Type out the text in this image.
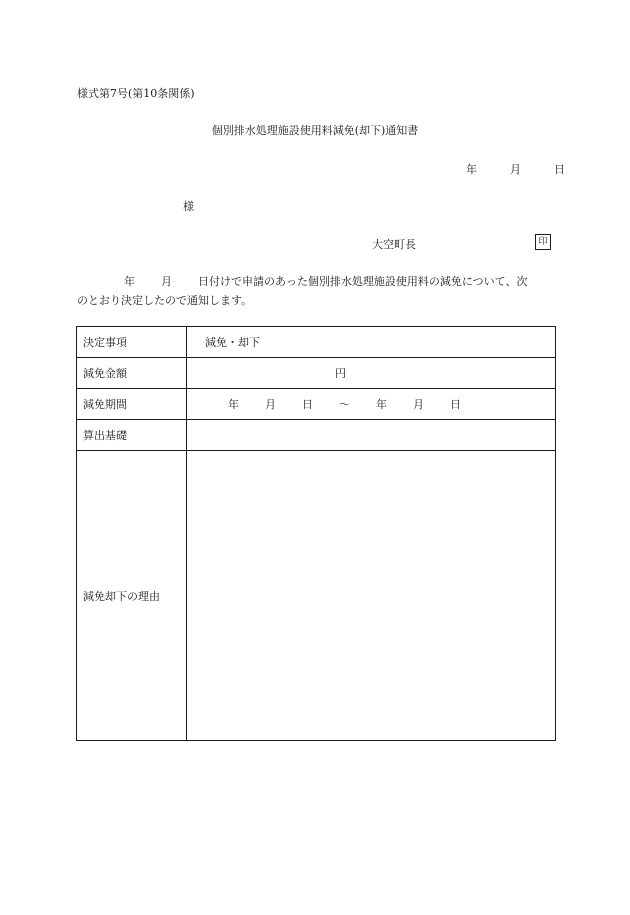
様式第7号(第10条関係)
個別排水処理施設使用料減免(却下)通知書
年	月	日
様
大空町長	印
年 月 日付けで申請のあった個別排水処理施設使用料の減免について、次
のとおり決定したので通知します。
決定事項	減免・却下
減免金額	円
減免期間	年 月 日 ～ 年 月 日
算出基礎	
減免却下の理由	
